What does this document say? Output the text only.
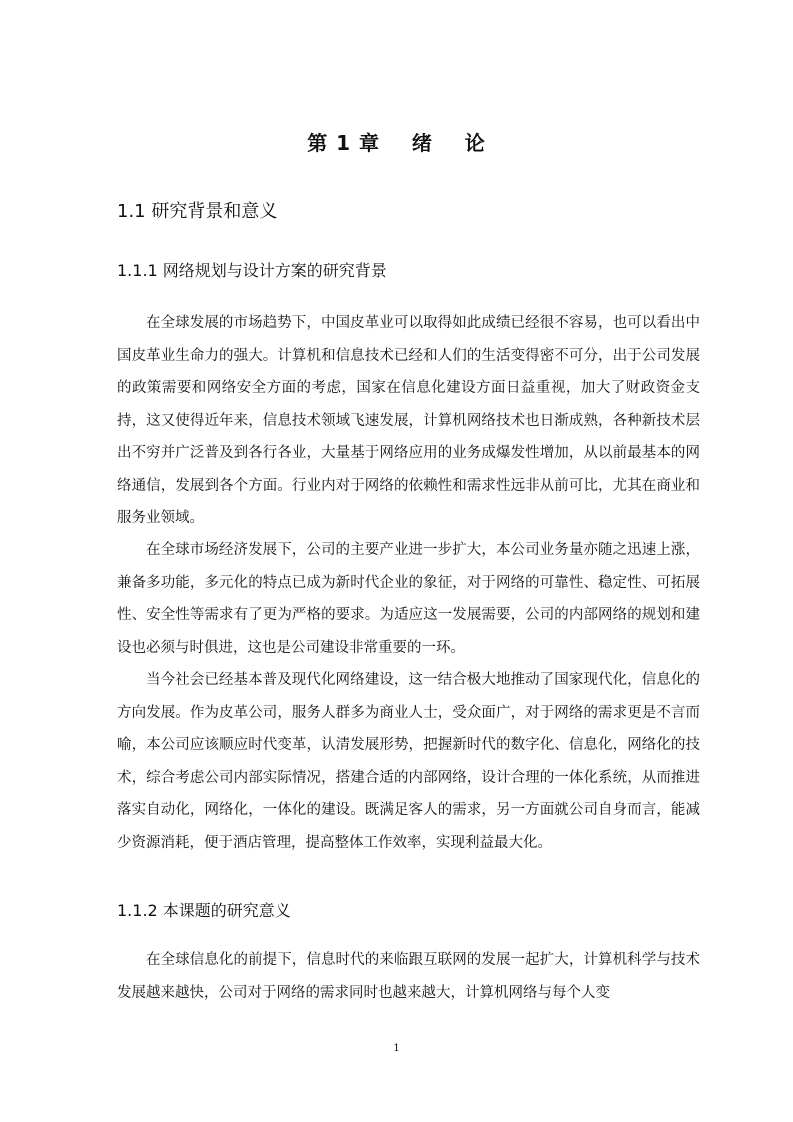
第 1 章    绪    论
1.1 研究背景和意义
1.1.1 网络规划与设计方案的研究背景

在全球发展的市场趋势下，中国皮革业可以取得如此成绩已经很不容易，也可以看出中国皮革业生命力的强大。计算机和信息技术已经和人们的生活变得密不可分，出于公司发展的政策需要和网络安全方面的考虑，国家在信息化建设方面日益重视，加大了财政资金支持，这又使得近年来，信息技术领域飞速发展，计算机网络技术也日渐成熟，各种新技术层出不穷并广泛普及到各行各业，大量基于网络应用的业务成爆发性增加，从以前最基本的网络通信，发展到各个方面。行业内对于网络的依赖性和需求性远非从前可比，尤其在商业和服务业领域。

在全球市场经济发展下，公司的主要产业进一步扩大，本公司业务量亦随之迅速上涨，兼备多功能，多元化的特点已成为新时代企业的象征，对于网络的可靠性、稳定性、可拓展性、安全性等需求有了更为严格的要求。为适应这一发展需要，公司的内部网络的规划和建设也必须与时俱进，这也是公司建设非常重要的一环。

当今社会已经基本普及现代化网络建设，这一结合极大地推动了国家现代化，信息化的方向发展。作为皮革公司，服务人群多为商业人士，受众面广，对于网络的需求更是不言而喻，本公司应该顺应时代变革，认清发展形势，把握新时代的数字化、信息化，网络化的技术，综合考虑公司内部实际情况，搭建合适的内部网络，设计合理的一体化系统，从而推进落实自动化，网络化，一体化的建设。既满足客人的需求，另一方面就公司自身而言，能减少资源消耗，便于酒店管理，提高整体工作效率，实现利益最大化。

1.1.2 本课题的研究意义

在全球信息化的前提下，信息时代的来临跟互联网的发展一起扩大，计算机科学与技术发展越来越快，公司对于网络的需求同时也越来越大，计算机网络与每个人变

1
